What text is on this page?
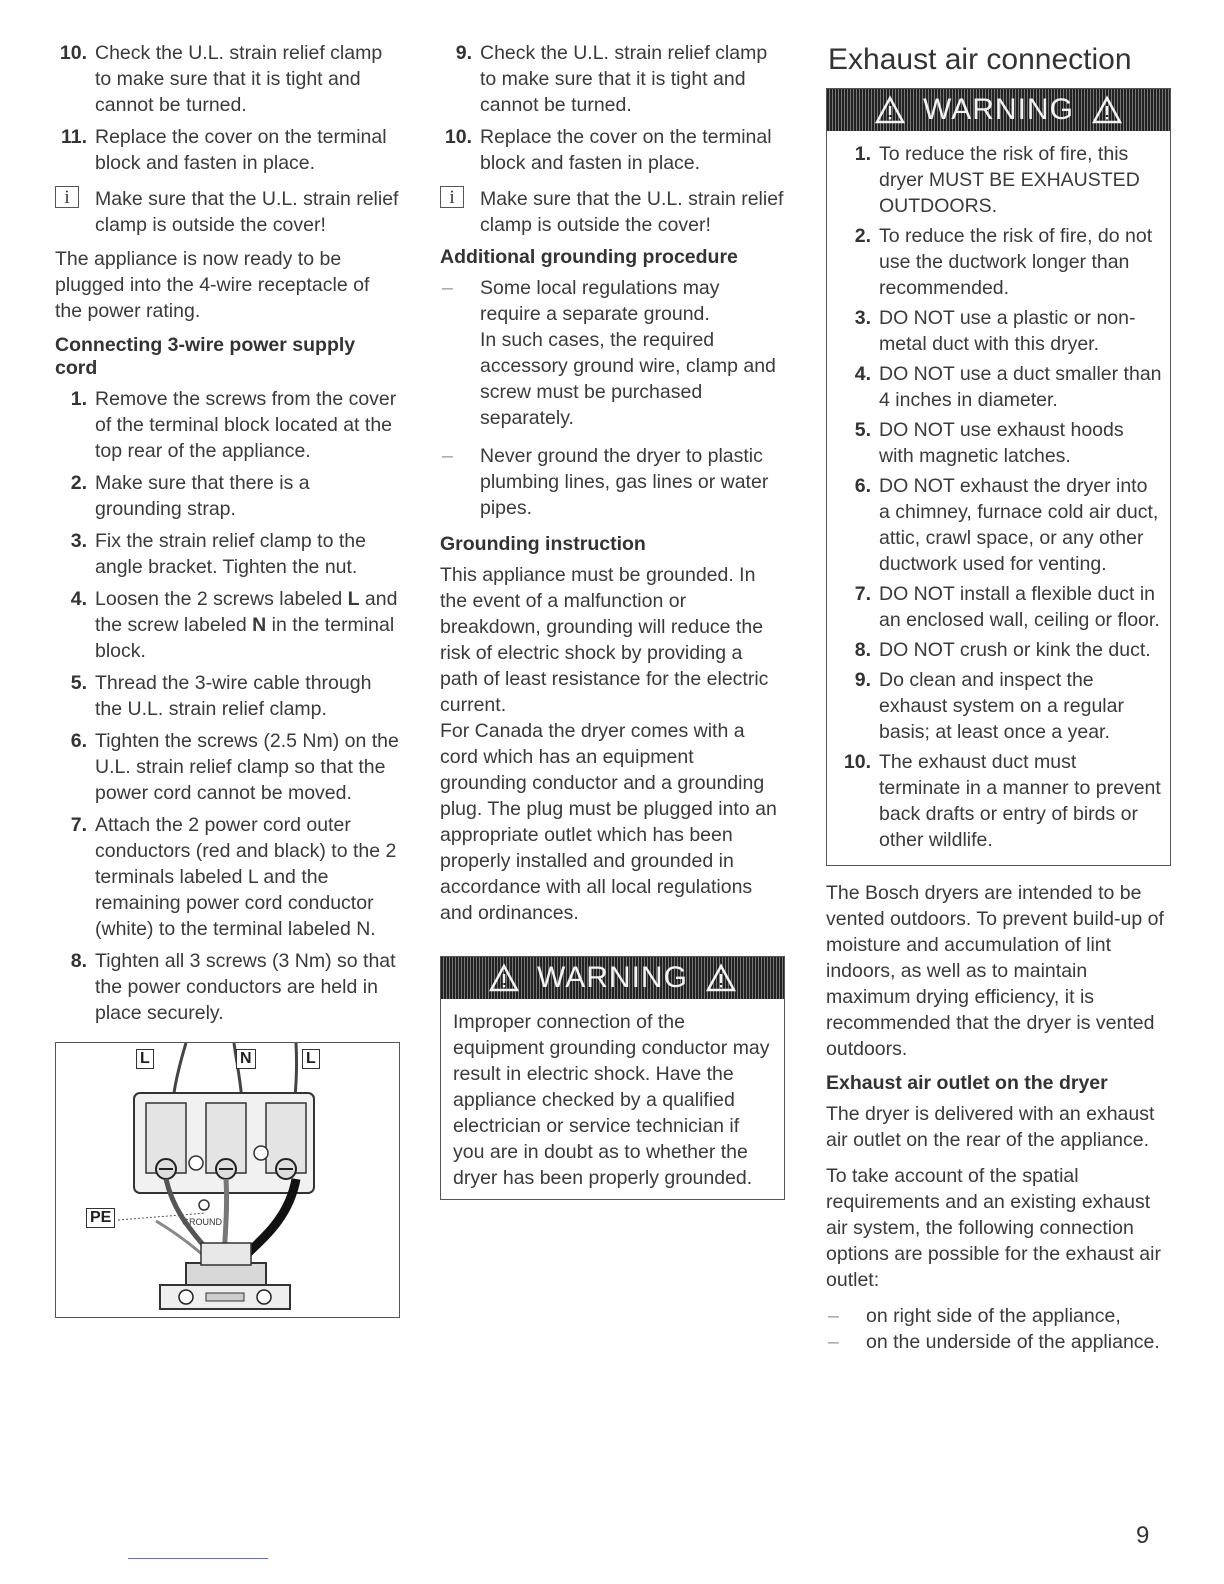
10. Check the U.L. strain relief clamp to make sure that it is tight and cannot be turned.
11. Replace the cover on the terminal block and fasten in place.
i	Make sure that the U.L. strain relief clamp is outside the cover!

The appliance is now ready to be plugged into the 4-wire receptacle of the power rating.

Connecting 3-wire power supply cord
1. Remove the screws from the cover of the terminal block located at the top rear of the appliance.
2. Make sure that there is a grounding strap.
3. Fix the strain relief clamp to the angle bracket. Tighten the nut.
4. Loosen the 2 screws labeled L and the screw labeled N in the terminal block.
5. Thread the 3-wire cable through the U.L. strain relief clamp.
6. Tighten the screws (2.5 Nm) on the U.L. strain relief clamp so that the power cord cannot be moved.
7. Attach the 2 power cord outer conductors (red and black) to the 2 terminals labeled L and the remaining power cord conductor (white) to the terminal labeled N.
8. Tighten all 3 screws (3 Nm) so that the power conductors are held in place securely.
GROUND
L	N	L
PE
9. Check the U.L. strain relief clamp to make sure that it is tight and cannot be turned.
10. Replace the cover on the terminal block and fasten in place.
i	Make sure that the U.L. strain relief clamp is outside the cover!
Additional grounding procedure
– Some local regulations may require a separate ground.
In such cases, the required accessory ground wire, clamp and screw must be purchased separately.
– Never ground the dryer to plastic plumbing lines, gas lines or water pipes.
Grounding instruction

This appliance must be grounded. In the event of a malfunction or breakdown, grounding will reduce the risk of electric shock by providing a path of least resistance for the electric current.

For Canada the dryer comes with a cord which has an equipment grounding conductor and a grounding plug. The plug must be plugged into an appropriate outlet which has been properly installed and grounded in accordance with all local regulations and ordinances.

WARNING
Improper connection of the equipment grounding conductor may result in electric shock. Have the appliance checked by a qualified electrician or service technician if you are in doubt as to whether the dryer has been properly grounded.
Exhaust air connection
WARNING
1. To reduce the risk of fire, this dryer MUST BE EXHAUSTED OUTDOORS.
2. To reduce the risk of fire, do not use the ductwork longer than recommended.
3. DO NOT use a plastic or non-metal duct with this dryer.
4. DO NOT use a duct smaller than 4 inches in diameter.
5. DO NOT use exhaust hoods with magnetic latches.
6. DO NOT exhaust the dryer into a chimney, furnace cold air duct, attic, crawl space, or any other ductwork used for venting.
7. DO NOT install a flexible duct in an enclosed wall, ceiling or floor.
8. DO NOT crush or kink the duct.
9. Do clean and inspect the exhaust system on a regular basis; at least once a year.
10. The exhaust duct must terminate in a manner to prevent back drafts or entry of birds or other wildlife.

The Bosch dryers are intended to be vented outdoors. To prevent build-up of moisture and accumulation of lint indoors, as well as to maintain maximum drying efficiency, it is recommended that the dryer is vented outdoors.

Exhaust air outlet on the dryer

The dryer is delivered with an exhaust air outlet on the rear of the appliance.

To take account of the spatial requirements and an existing exhaust air system, the following connection options are possible for the exhaust air outlet:

– on right side of the appliance,
– on the underside of the appliance.
9
